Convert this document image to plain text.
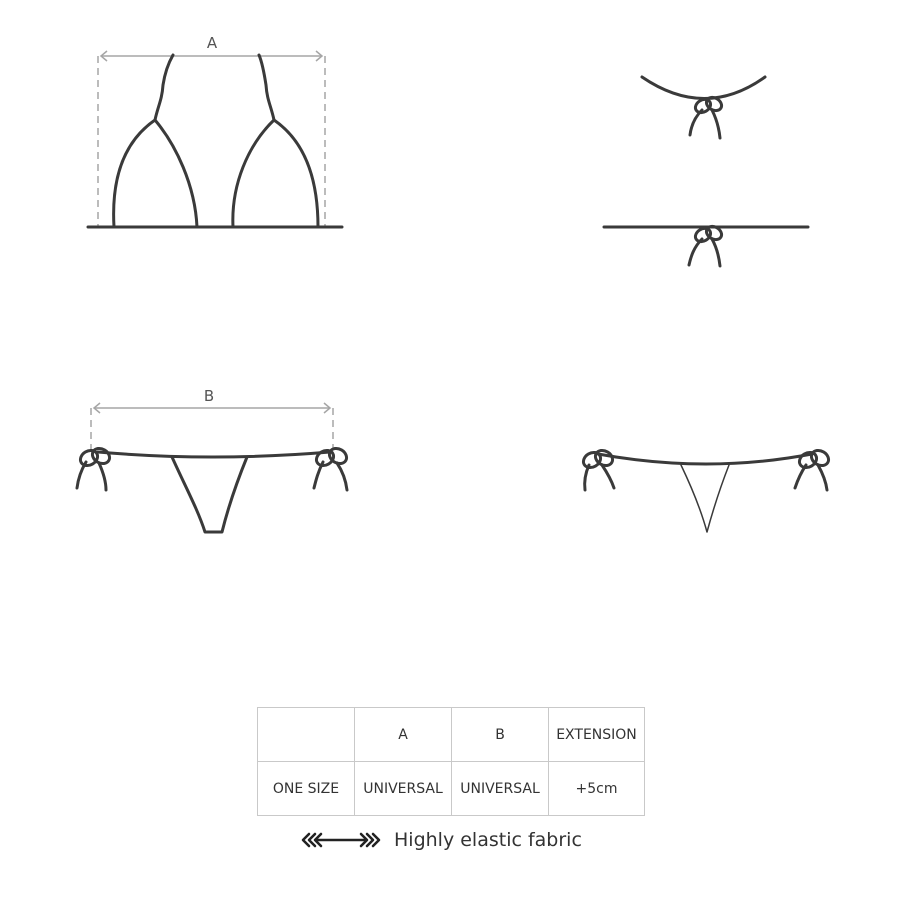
A
B
	A	B	EXTENSION
ONE SIZE	UNIVERSAL	UNIVERSAL	+5cm
Highly elastic fabric
